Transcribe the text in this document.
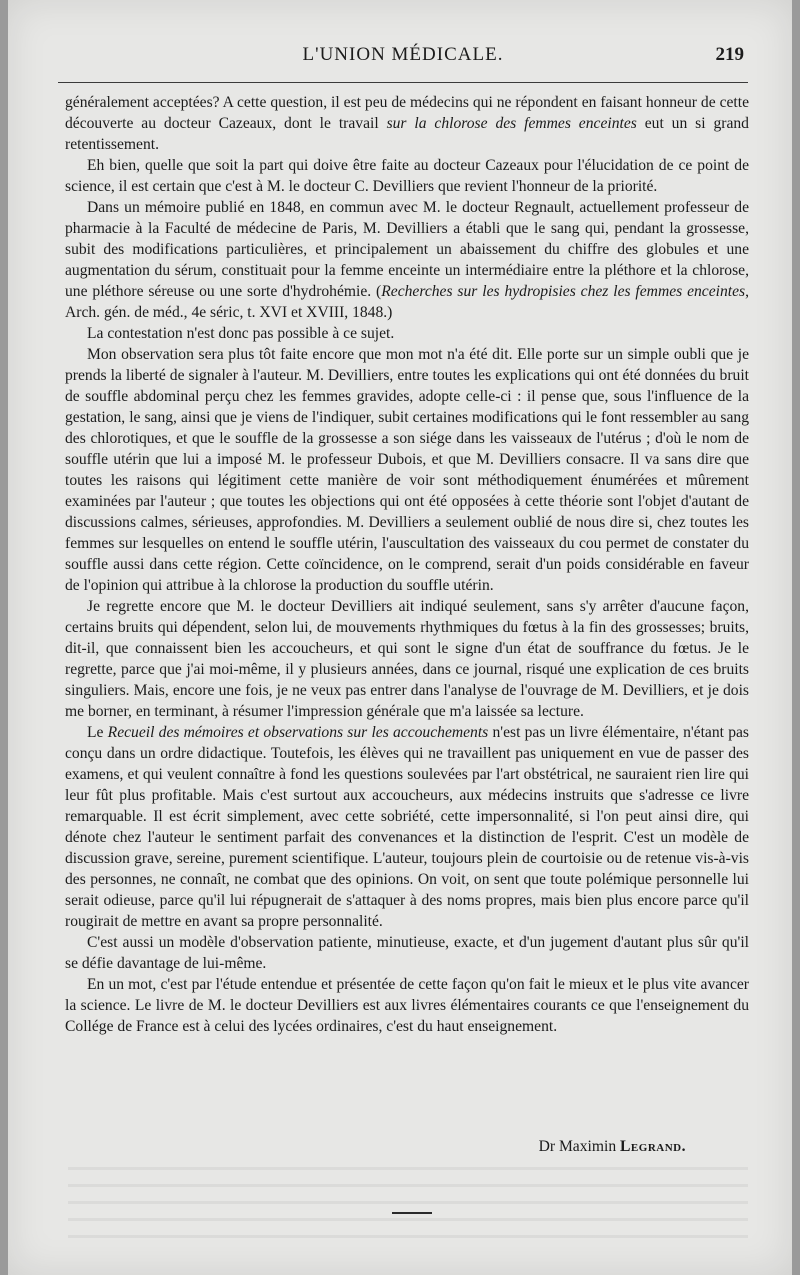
L'UNION MÉDICALE.	219

généralement acceptées? A cette question, il est peu de médecins qui ne répondent en faisant honneur de cette découverte au docteur Cazeaux, dont le travail sur la chlorose des femmes enceintes eut un si grand retentissement.

Eh bien, quelle que soit la part qui doive être faite au docteur Cazeaux pour l'élucidation de ce point de science, il est certain que c'est à M. le docteur C. Devilliers que revient l'honneur de la priorité.

Dans un mémoire publié en 1848, en commun avec M. le docteur Regnault, actuellement professeur de pharmacie à la Faculté de médecine de Paris, M. Devilliers a établi que le sang qui, pendant la grossesse, subit des modifications particulières, et principalement un abaissement du chiffre des globules et une augmentation du sérum, constituait pour la femme enceinte un intermédiaire entre la pléthore et la chlorose, une pléthore séreuse ou une sorte d'hydrohémie. (Recherches sur les hydropisies chez les femmes enceintes, Arch. gén. de méd., 4e séric, t. XVI et XVIII, 1848.)

La contestation n'est donc pas possible à ce sujet.

Mon observation sera plus tôt faite encore que mon mot n'a été dit. Elle porte sur un simple oubli que je prends la liberté de signaler à l'auteur. M. Devilliers, entre toutes les explications qui ont été données du bruit de souffle abdominal perçu chez les femmes gravides, adopte celle-ci : il pense que, sous l'influence de la gestation, le sang, ainsi que je viens de l'indiquer, subit certaines modifications qui le font ressembler au sang des chlorotiques, et que le souffle de la grossesse a son siége dans les vaisseaux de l'utérus ; d'où le nom de souffle utérin que lui a imposé M. le professeur Dubois, et que M. Devilliers consacre. Il va sans dire que toutes les raisons qui légitiment cette manière de voir sont méthodiquement énumérées et mûrement examinées par l'auteur ; que toutes les objections qui ont été opposées à cette théorie sont l'objet d'autant de discussions calmes, sérieuses, approfondies. M. Devilliers a seulement oublié de nous dire si, chez toutes les femmes sur lesquelles on entend le souffle utérin, l'auscultation des vaisseaux du cou permet de constater du souffle aussi dans cette région. Cette coïncidence, on le comprend, serait d'un poids considérable en faveur de l'opinion qui attribue à la chlorose la production du souffle utérin.

Je regrette encore que M. le docteur Devilliers ait indiqué seulement, sans s'y arrêter d'aucune façon, certains bruits qui dépendent, selon lui, de mouvements rhythmiques du fœtus à la fin des grossesses; bruits, dit-il, que connaissent bien les accoucheurs, et qui sont le signe d'un état de souffrance du fœtus. Je le regrette, parce que j'ai moi-même, il y plusieurs années, dans ce journal, risqué une explication de ces bruits singuliers. Mais, encore une fois, je ne veux pas entrer dans l'analyse de l'ouvrage de M. Devilliers, et je dois me borner, en terminant, à résumer l'impression générale que m'a laissée sa lecture.

Le Recueil des mémoires et observations sur les accouchements n'est pas un livre élémentaire, n'étant pas conçu dans un ordre didactique. Toutefois, les élèves qui ne travaillent pas uniquement en vue de passer des examens, et qui veulent connaître à fond les questions soulevées par l'art obstétrical, ne sauraient rien lire qui leur fût plus profitable. Mais c'est surtout aux accoucheurs, aux médecins instruits que s'adresse ce livre remarquable. Il est écrit simplement, avec cette sobriété, cette impersonnalité, si l'on peut ainsi dire, qui dénote chez l'auteur le sentiment parfait des convenances et la distinction de l'esprit. C'est un modèle de discussion grave, sereine, purement scientifique. L'auteur, toujours plein de courtoisie ou de retenue vis-à-vis des personnes, ne connaît, ne combat que des opinions. On voit, on sent que toute polémique personnelle lui serait odieuse, parce qu'il lui répugnerait de s'attaquer à des noms propres, mais bien plus encore parce qu'il rougirait de mettre en avant sa propre personnalité.

C'est aussi un modèle d'observation patiente, minutieuse, exacte, et d'un jugement d'autant plus sûr qu'il se défie davantage de lui-même.

En un mot, c'est par l'étude entendue et présentée de cette façon qu'on fait le mieux et le plus vite avancer la science. Le livre de M. le docteur Devilliers est aux livres élémentaires courants ce que l'enseignement du Collége de France est à celui des lycées ordinaires, c'est du haut enseignement.

Dr Maximin Legrand.
